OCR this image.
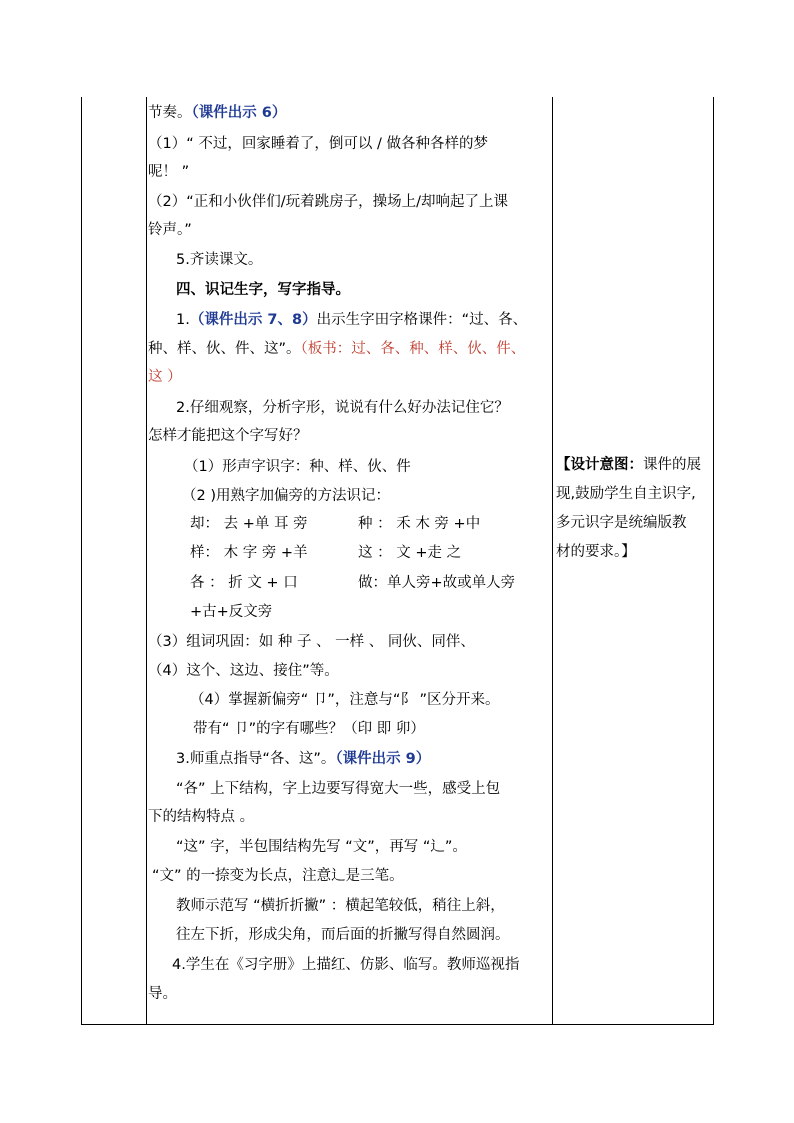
节奏。（课件出示 6）
（1）“ 不过，回家睡着了，倒可以 / 做各种各样的梦
呢！ ”
（2）“正和小伙伴们/玩着跳房子，操场上/却响起了上课
铃声。”
5.齐读课文。
四、识记生字，写字指导。
1.（课件出示 7、8）出示生字田字格课件：“过、各、
种、样、伙、件、这”。（板书：过、各、种、样、伙、件、
这 ）
2.仔细观察，分析字形，说说有什么好办法记住它？
怎样才能把这个字写好？
（1）形声字识字：种、样、伙、件
（2 )用熟字加偏旁的方法识记：
却： 去 +单 耳 旁	种 ： 禾 木 旁 +中
样： 木 字 旁 +羊	这 ： 文 +走 之
各 ： 折 文 + 口	做：单人旁+故或单人旁
+古+反文旁
（3）组词巩固：如 种 子 、 一样 、 同伙、同伴、
（4）这个、这边、接住”等。
（4）掌握新偏旁“ 卩”，注意与“阝 ”区分开来。
带有“ 卩”的字有哪些？（印 即 卯）
3.师重点指导“各、这”。（课件出示 9）
“各” 上下结构，字上边要写得宽大一些，感受上包
下的结构特点 。
“这” 字，半包围结构先写 “文”，再写 “辶”。
“文” 的一捺变为长点，注意辶是三笔。
教师示范写 “横折折撇” ：横起笔较低，稍往上斜，
往左下折，形成尖角，而后面的折撇写得自然圆润。
4.学生在《习字册》上描红、仿影、临写。教师巡视指
导。
【设计意图：课件的展
现,鼓励学生自主识字,
多元识字是统编版教
材的要求。】
